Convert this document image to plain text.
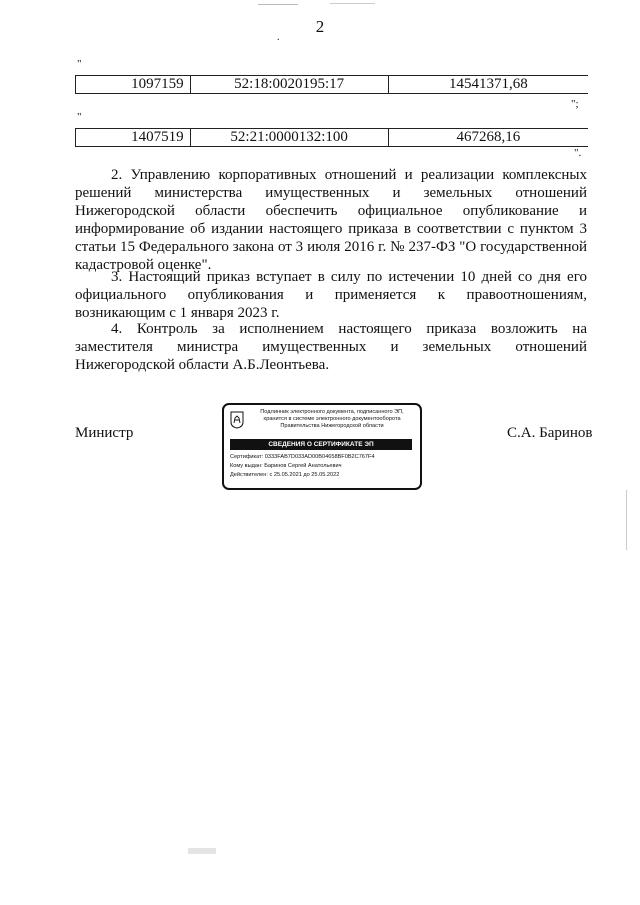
2
.
"
1097159	52:18:0020195:17	14541371,68
";
"
1407519	52:21:0000132:100	467268,16
".
2. Управлению корпоративных отношений и реализации комплексных решений министерства имущественных и земельных отношений Нижегородской области обеспечить официальное опубликование и информирование об издании настоящего приказа в соответствии с пунктом 3 статьи 15 Федерального закона от 3 июля 2016 г. № 237-ФЗ "О государственной кадастровой оценке".
3. Настоящий приказ вступает в силу по истечении 10 дней со дня его официального опубликования и применяется к правоотношениям, возникающим с 1 января 2023 г.
4. Контроль за исполнением настоящего приказа возложить на заместителя министра имущественных и земельных отношений Нижегородской области А.Б.Леонтьева.
Министр	С.А. Баринов
Подлинник электронного документа, подписанного ЭП, хранится в системе электронного документооборота Правительства Нижегородской области
СВЕДЕНИЯ О СЕРТИФИКАТЕ ЭП
Сертификат: 0333FAB7D033AD00B04658BF0B2C767F4
Кому выдан: Баринов Сергей Анатольевич
Действителен: с 25.05.2021 до 25.05.2022
